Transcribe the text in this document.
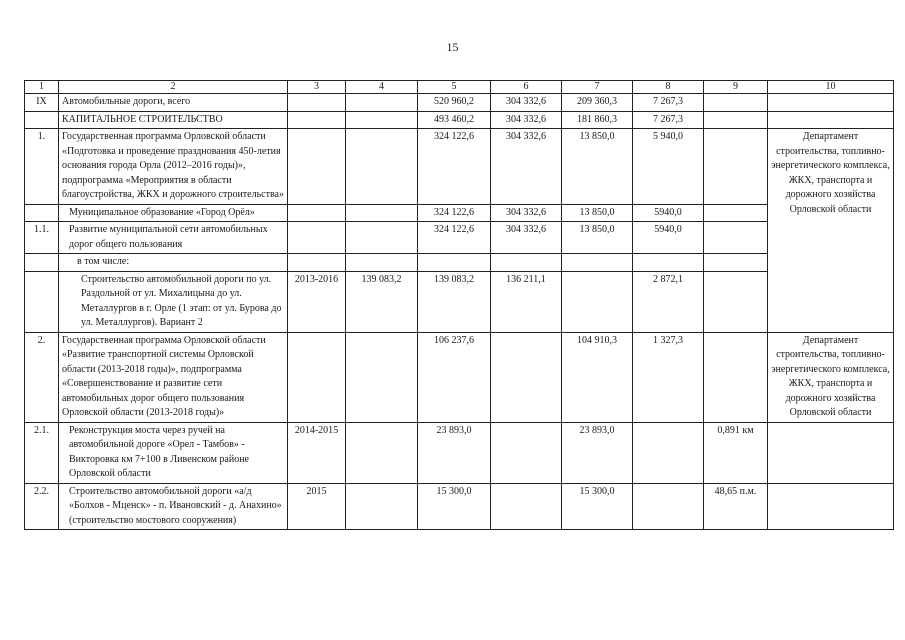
15
1	2	3	4	5	6	7	8	9	10
IX	Автомобильные дороги, всего			520 960,2	304 332,6	209 360,3	7 267,3		
	КАПИТАЛЬНОЕ СТРОИТЕЛЬСТВО			493 460,2	304 332,6	181 860,3	7 267,3		
1.	Государственная программа Орловской области «Подготовка и проведение празднования 450-летия основания города Орла (2012–2016 годы)», подпрограмма «Мероприятия в области благоустройства, ЖКХ и дорожного строительства»			324 122,6	304 332,6	13 850,0	5 940,0		Департамент строительства, топливно-энергетического комплекса, ЖКХ, транспорта и дорожного хозяйства Орловской области
	Муниципальное образование «Город Орёл»			324 122,6	304 332,6	13 850,0	5940,0		
1.1.	Развитие муниципальной сети автомобильных дорог общего пользования			324 122,6	304 332,6	13 850,0	5940,0		
	в том числе:								
	Строительство автомобильной дороги по ул. Раздольной от ул. Михалицына до ул. Металлургов в г. Орле (1 этап: от ул. Бурова до ул. Металлургов). Вариант 2	2013-2016	139 083,2	139 083,2	136 211,1		2 872,1		
2.	Государственная программа Орловской области «Развитие транспортной системы Орловской области (2013-2018 годы)», подпрограмма «Совершенствование и развитие сети автомобильных дорог общего пользования Орловской области (2013-2018 годы)»			106 237,6		104 910,3	1 327,3		Департамент строительства, топливно-энергетического комплекса, ЖКХ, транспорта и дорожного хозяйства Орловской области
2.1.	Реконструкция моста через ручей на автомобильной дороге «Орел - Тамбов» - Викторовка км 7+100 в Ливенском районе Орловской области	2014-2015		23 893,0		23 893,0		0,891 км	
2.2.	Строительство автомобильной дороги «а/д «Болхов - Мценск» - п. Ивановский - д. Анахино» (строительство мостового сооружения)	2015		15 300,0		15 300,0		48,65 п.м.	
